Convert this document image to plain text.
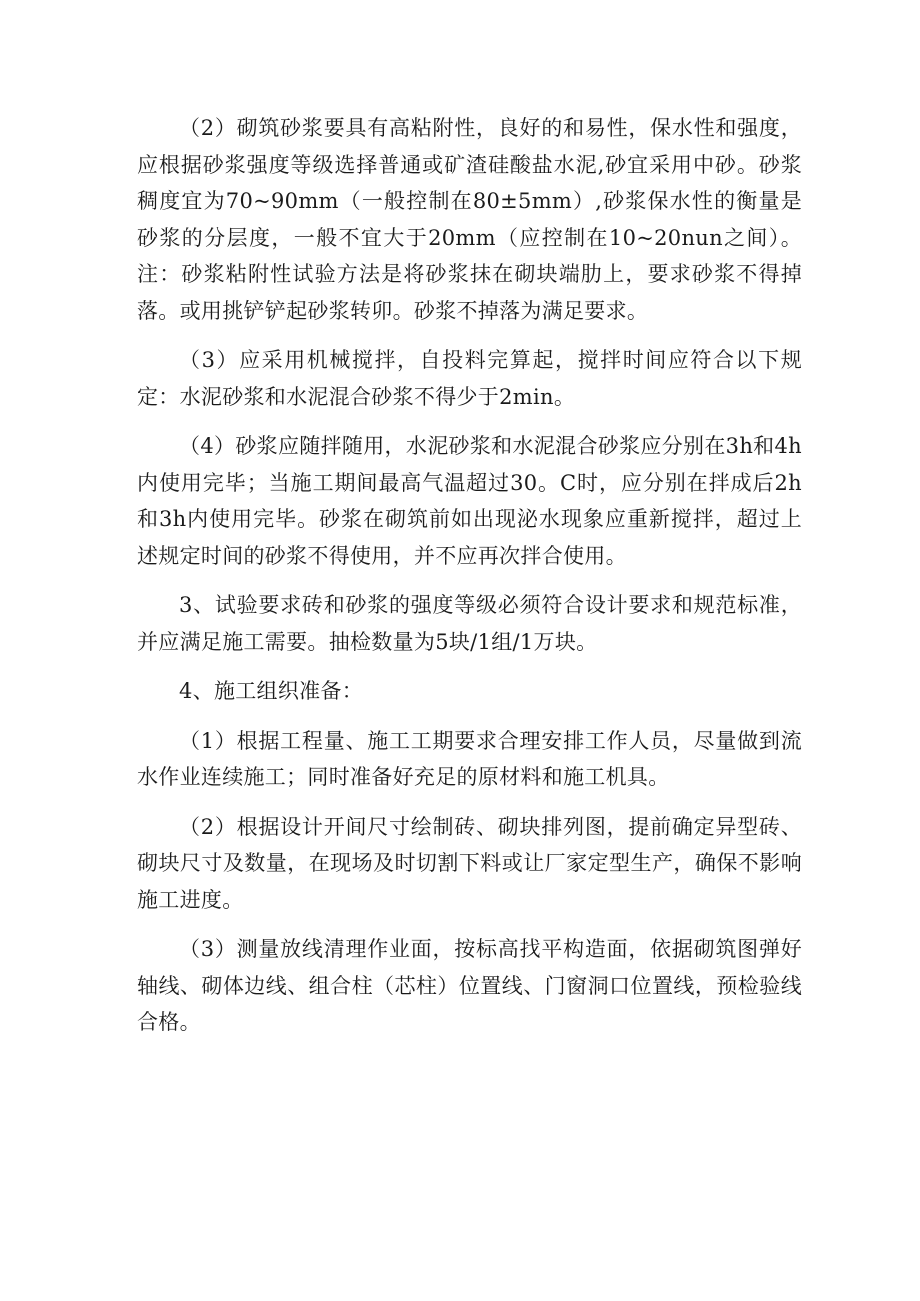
（2）砌筑砂浆要具有高粘附性，良好的和易性，保水性和强度，应根据砂浆强度等级选择普通或矿渣硅酸盐水泥,砂宜采用中砂。砂浆稠度宜为70~90mm（一般控制在80±5mm）,砂浆保水性的衡量是砂浆的分层度，一般不宜大于20mm（应控制在10~20nun之间）。注：砂浆粘附性试验方法是将砂浆抹在砌块端肋上，要求砂浆不得掉落。或用挑铲铲起砂浆转卯。砂浆不掉落为满足要求。

（3）应采用机械搅拌，自投料完算起，搅拌时间应符合以下规定：水泥砂浆和水泥混合砂浆不得少于2min。

（4）砂浆应随拌随用，水泥砂浆和水泥混合砂浆应分别在3h和4h内使用完毕；当施工期间最高气温超过30。C时，应分别在拌成后2h和3h内使用完毕。砂浆在砌筑前如出现泌水现象应重新搅拌，超过上述规定时间的砂浆不得使用，并不应再次拌合使用。

3、试验要求砖和砂浆的强度等级必须符合设计要求和规范标准，并应满足施工需要。抽检数量为5块/1组/1万块。

4、施工组织准备：

（1）根据工程量、施工工期要求合理安排工作人员，尽量做到流水作业连续施工；同时准备好充足的原材料和施工机具。

（2）根据设计开间尺寸绘制砖、砌块排列图，提前确定异型砖、砌块尺寸及数量，在现场及时切割下料或让厂家定型生产，确保不影响施工进度。

（3）测量放线清理作业面，按标高找平构造面，依据砌筑图弹好轴线、砌体边线、组合柱（芯柱）位置线、门窗洞口位置线，预检验线合格。
